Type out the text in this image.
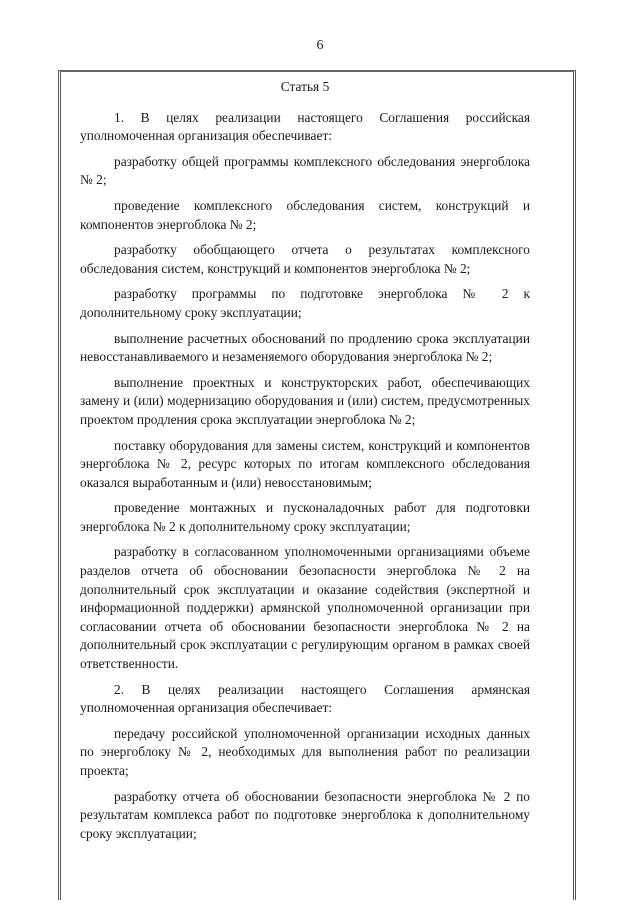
6
Статья 5

1. В целях реализации настоящего Соглашения российская уполномоченная организация обеспечивает:

разработку общей программы комплексного обследования энергоблока № 2;

проведение комплексного обследования систем, конструкций и компонентов энергоблока № 2;

разработку обобщающего отчета о результатах комплексного обследования систем, конструкций и компонентов энергоблока № 2;

разработку программы по подготовке энергоблока № 2 к дополнительному сроку эксплуатации;

выполнение расчетных обоснований по продлению срока эксплуатации невосстанавливаемого и незаменяемого оборудования энергоблока № 2;

выполнение проектных и конструкторских работ, обеспечивающих замену и (или) модернизацию оборудования и (или) систем, предусмотренных проектом продления срока эксплуатации энергоблока № 2;

поставку оборудования для замены систем, конструкций и компонентов энергоблока № 2, ресурс которых по итогам комплексного обследования оказался выработанным и (или) невосстановимым;

проведение монтажных и пусконаладочных работ для подготовки энергоблока № 2 к дополнительному сроку эксплуатации;

разработку в согласованном уполномоченными организациями объеме разделов отчета об обосновании безопасности энергоблока № 2 на дополнительный срок эксплуатации и оказание содействия (экспертной и информационной поддержки) армянской уполномоченной организации при согласовании отчета об обосновании безопасности энергоблока № 2 на дополнительный срок эксплуатации с регулирующим органом в рамках своей ответственности.

2. В целях реализации настоящего Соглашения армянская уполномоченная организация обеспечивает:

передачу российской уполномоченной организации исходных данных по энергоблоку № 2, необходимых для выполнения работ по реализации проекта;

разработку отчета об обосновании безопасности энергоблока № 2 по результатам комплекса работ по подготовке энергоблока к дополнительному сроку эксплуатации;
